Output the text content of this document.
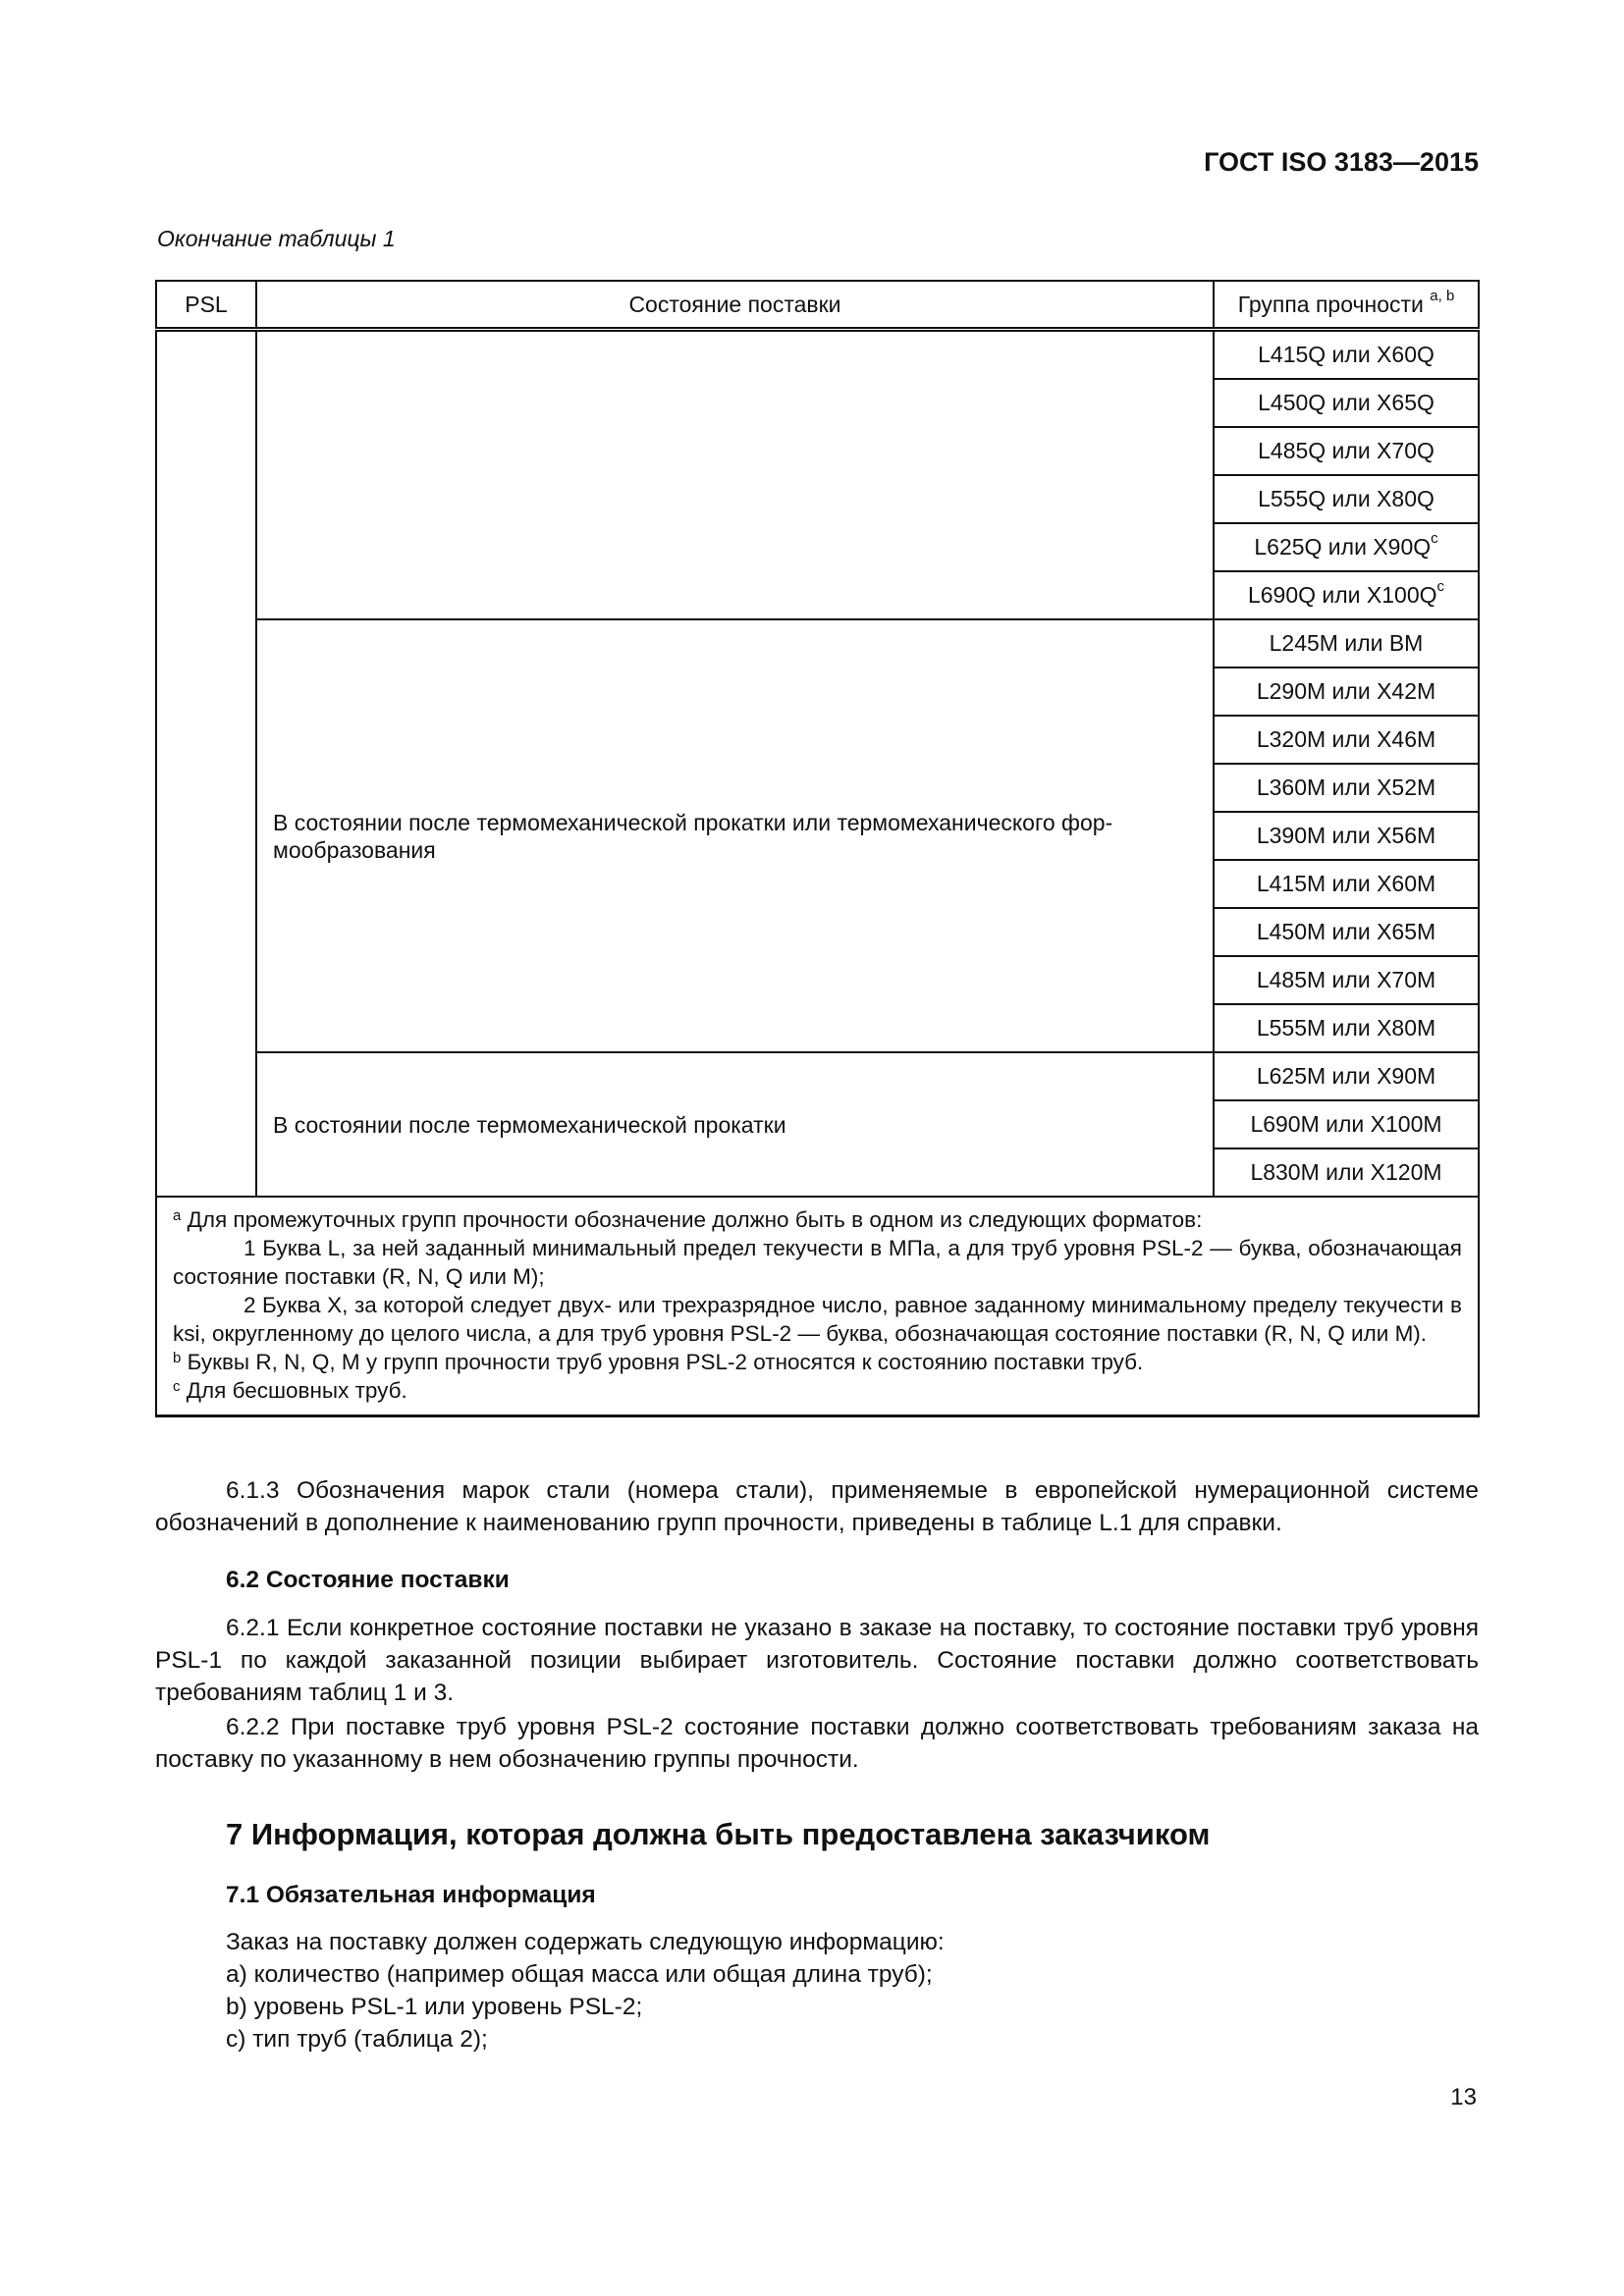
ГОСТ ISO 3183—2015
Окончание таблицы 1
PSL	Состояние поставки	Группа прочности $^{a, b}$
		L415Q или X60Q
		L450Q или X65Q
		L485Q или X70Q
		L555Q или X80Q
		L625Q или $X90Q^c$
		L690Q или $X100Q^c$
	В состоянии после термомеханической прокатки или термомеханического фор-мообразования	L245M или BM
		L290M или X42M
		L320M или X46M
		L360M или X52M
		L390M или X56M
		L415M или X60M
		L450M или X65M
		L485M или X70M
		L555M или X80M
	В состоянии после термомеханической прокатки	L625M или X90M
		L690M или X100M
		L830M или X120M

$^a$ Для промежуточных групп прочности обозначение должно быть в одном из следующих форматов:
1 Буква L, за ней заданный минимальный предел текучести в МПа, а для труб уровня PSL-2 — буква, обозначающая состояние поставки (R, N, Q или M);
2 Буква X, за которой следует двух- или трехразрядное число, равное заданному минимальному пределу текучести в ksi, округленному до целого числа, а для труб уровня PSL-2 — буква, обозначающая состояние поставки (R, N, Q или M).
$^b$ Буквы R, N, Q, M у групп прочности труб уровня PSL-2 относятся к состоянию поставки труб.
$^c$ Для бесшовных труб.		
6.1.3 Обозначения марок стали (номера стали), применяемые в европейской нумерационной системе обозначений в дополнение к наименованию групп прочности, приведены в таблице L.1 для справки.
6.2 Состояние поставки
6.2.1 Если конкретное состояние поставки не указано в заказе на поставку, то состояние поставки труб уровня PSL-1 по каждой заказанной позиции выбирает изготовитель. Состояние поставки должно соответствовать требованиям таблиц 1 и 3.
6.2.2 При поставке труб уровня PSL-2 состояние поставки должно соответствовать требованиям заказа на поставку по указанному в нем обозначению группы прочности.
7 Информация, которая должна быть предоставлена заказчиком
7.1 Обязательная информация
Заказ на поставку должен содержать следующую информацию:
a) количество (например общая масса или общая длина труб);
b) уровень PSL-1 или уровень PSL-2;
c) тип труб (таблица 2);
13
